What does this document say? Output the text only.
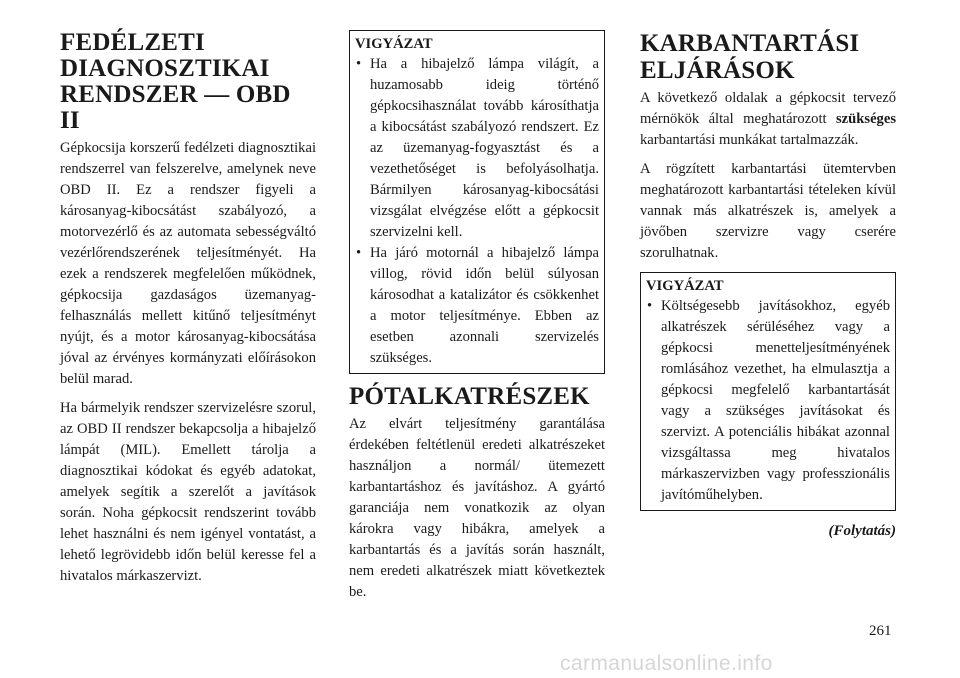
FEDÉLZETI DIAGNOSZTIKAI RENDSZER — OBD II

Gépkocsija korszerű fedélzeti diagnosztikai rendszerrel van felszerelve, amelynek neve OBD II. Ez a rendszer figyeli a károsanyag-kibocsátást szabályozó, a motorvezérlő és az automata sebességváltó vezérlőrendszerének teljesítményét. Ha ezek a rendszerek megfelelően működnek, gépkocsija gazdaságos üzemanyag-felhasználás mellett kitűnő teljesítményt nyújt, és a motor károsanyag-kibocsátása jóval az érvényes kormányzati előírásokon belül marad.

Ha bármelyik rendszer szervizelésre szorul, az OBD II rendszer bekapcsolja a hibajelző lámpát (MIL). Emellett tárolja a diagnosztikai kódokat és egyéb adatokat, amelyek segítik a szerelőt a javítások során. Noha gépkocsit rendszerint tovább lehet használni és nem igényel vontatást, a lehető legrövidebb időn belül keresse fel a hivatalos márkaszervizt.

VIGYÁZAT
• Ha a hibajelző lámpa világít, a huzamosabb ideig történő gépkocsihasználat tovább károsíthatja a kibocsátást szabályozó rendszert. Ez az üzemanyag-fogyasztást és a vezethetőséget is befolyásolhatja. Bármilyen károsanyag-kibocsátási vizsgálat elvégzése előtt a gépkocsit szervizelni kell.
• Ha járó motornál a hibajelző lámpa villog, rövid időn belül súlyosan károsodhat a katalizátor és csökkenhet a motor teljesítménye. Ebben az esetben azonnali szervizelés szükséges.
PÓTALKATRÉSZEK

Az elvárt teljesítmény garantálása érdekében feltétlenül eredeti alkatrészeket használjon a normál/ ütemezett karbantartáshoz és javításhoz. A gyártó garanciája nem vonatkozik az olyan károkra vagy hibákra, amelyek a karbantartás és a javítás során használt, nem eredeti alkatrészek miatt következtek be.

KARBANTARTÁSI ELJÁRÁSOK

A következő oldalak a gépkocsit tervező mérnökök által meghatározott szükséges karbantartási munkákat tartalmazzák.

A rögzített karbantartási ütemtervben meghatározott karbantartási tételeken kívül vannak más alkatrészek is, amelyek a jövőben szervizre vagy cserére szorulhatnak.

VIGYÁZAT
• Költségesebb javításokhoz, egyéb alkatrészek sérüléséhez vagy a gépkocsi menetteljesítményének romlásához vezethet, ha elmulasztja a gépkocsi megfelelő karbantartását vagy a szükséges javításokat és szervizt. A potenciális hibákat azonnal vizsgáltassa meg hivatalos márkaszervizben vagy professzionális javítóműhelyben.
(Folytatás)
261
carmanualsonline.info
